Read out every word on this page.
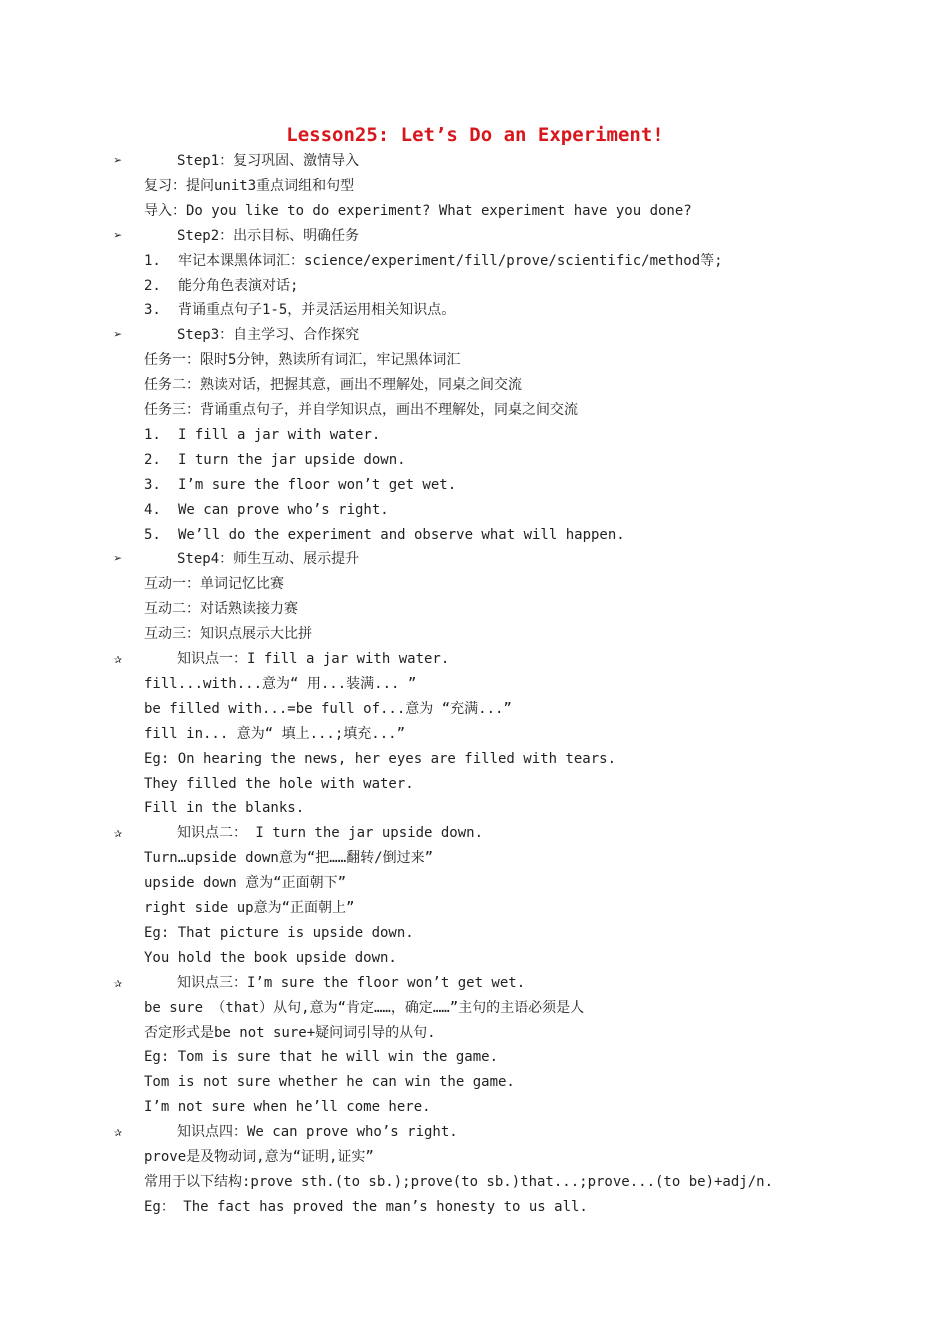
Lesson25: Let’s Do an Experiment!
➢	Step1：复习巩固、激情导入
复习：提问unit3重点词组和句型
导入：Do you like to do experiment? What experiment have you done?
➢	Step2：出示目标、明确任务
1. 牢记本课黑体词汇：science/experiment/fill/prove/scientific/method等;
2. 能分角色表演对话;
3. 背诵重点句子1-5，并灵活运用相关知识点。
➢	Step3：自主学习、合作探究
任务一：限时5分钟，熟读所有词汇，牢记黑体词汇
任务二：熟读对话，把握其意，画出不理解处，同桌之间交流
任务三：背诵重点句子，并自学知识点，画出不理解处，同桌之间交流
1. I fill a jar with water.
2. I turn the jar upside down.
3. I’m sure the floor won’t get wet.
4. We can prove who’s right.
5. We’ll do the experiment and observe what will happen.
➢	Step4：师生互动、展示提升
互动一：单词记忆比赛
互动二：对话熟读接力赛
互动三：知识点展示大比拼
✰	知识点一：I fill a jar with water.
fill...with...意为“ 用...装满... ”
be filled with...=be full of...意为 “充满...”
fill in... 意为“ 填上...;填充...”
Eg: On hearing the news, her eyes are filled with tears.
They filled the hole with water.
Fill in the blanks.
✰	知识点二： I turn the jar upside down.
Turn…upside down意为“把……翻转/倒过来”
upside down 意为“正面朝下”
right side up意为“正面朝上”
Eg: That picture is upside down.
You hold the book upside down.
✰	知识点三：I’m sure the floor won’t get wet.
be sure （that）从句,意为“肯定……，确定……”主句的主语必须是人
否定形式是be not sure+疑问词引导的从句.
Eg: Tom is sure that he will win the game.
Tom is not sure whether he can win the game.
I’m not sure when he’ll come here.
✰	知识点四：We can prove who’s right.
prove是及物动词,意为“证明,证实”
常用于以下结构:prove sth.(to sb.);prove(to sb.)that...;prove...(to be)+adj/n.
Eg： The fact has proved the man’s honesty to us all.
